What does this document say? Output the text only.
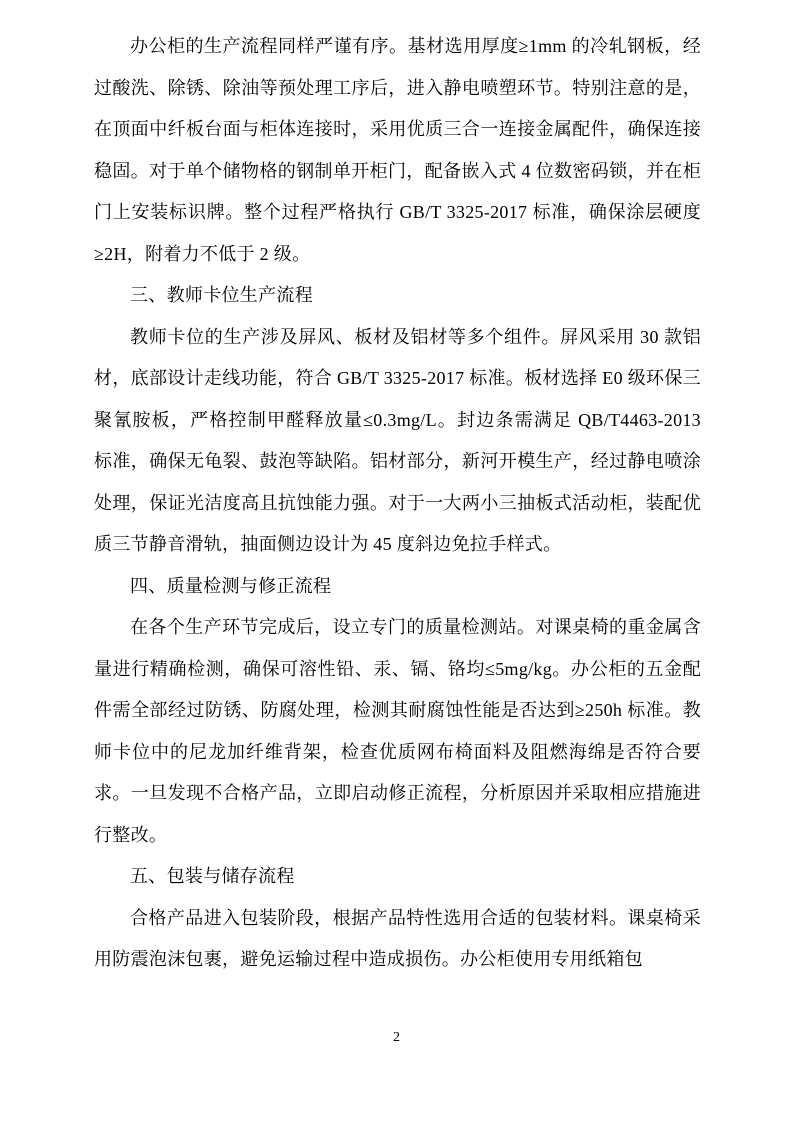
办公柜的生产流程同样严谨有序。基材选用厚度≥1mm 的冷轧钢板，经过酸洗、除锈、除油等预处理工序后，进入静电喷塑环节。特别注意的是，在顶面中纤板台面与柜体连接时，采用优质三合一连接金属配件，确保连接稳固。对于单个储物格的钢制单开柜门，配备嵌入式 4 位数密码锁，并在柜门上安装标识牌。整个过程严格执行 GB/T 3325-2017 标准，确保涂层硬度≥2H，附着力不低于 2 级。

三、教师卡位生产流程

教师卡位的生产涉及屏风、板材及铝材等多个组件。屏风采用 30 款铝材，底部设计走线功能，符合 GB/T 3325-2017 标准。板材选择 E0 级环保三聚氰胺板，严格控制甲醛释放量≤0.3mg/L。封边条需满足 QB/T4463-2013 标准，确保无龟裂、鼓泡等缺陷。铝材部分，新河开模生产，经过静电喷涂处理，保证光洁度高且抗蚀能力强。对于一大两小三抽板式活动柜，装配优质三节静音滑轨，抽面侧边设计为 45 度斜边免拉手样式。

四、质量检测与修正流程

在各个生产环节完成后，设立专门的质量检测站。对课桌椅的重金属含量进行精确检测，确保可溶性铅、汞、镉、铬均≤5mg/kg。办公柜的五金配件需全部经过防锈、防腐处理，检测其耐腐蚀性能是否达到≥250h 标准。教师卡位中的尼龙加纤维背架，检查优质网布椅面料及阻燃海绵是否符合要求。一旦发现不合格产品，立即启动修正流程，分析原因并采取相应措施进行整改。

五、包装与储存流程

合格产品进入包装阶段，根据产品特性选用合适的包装材料。课桌椅采用防震泡沫包裹，避免运输过程中造成损伤。办公柜使用专用纸箱包

2
